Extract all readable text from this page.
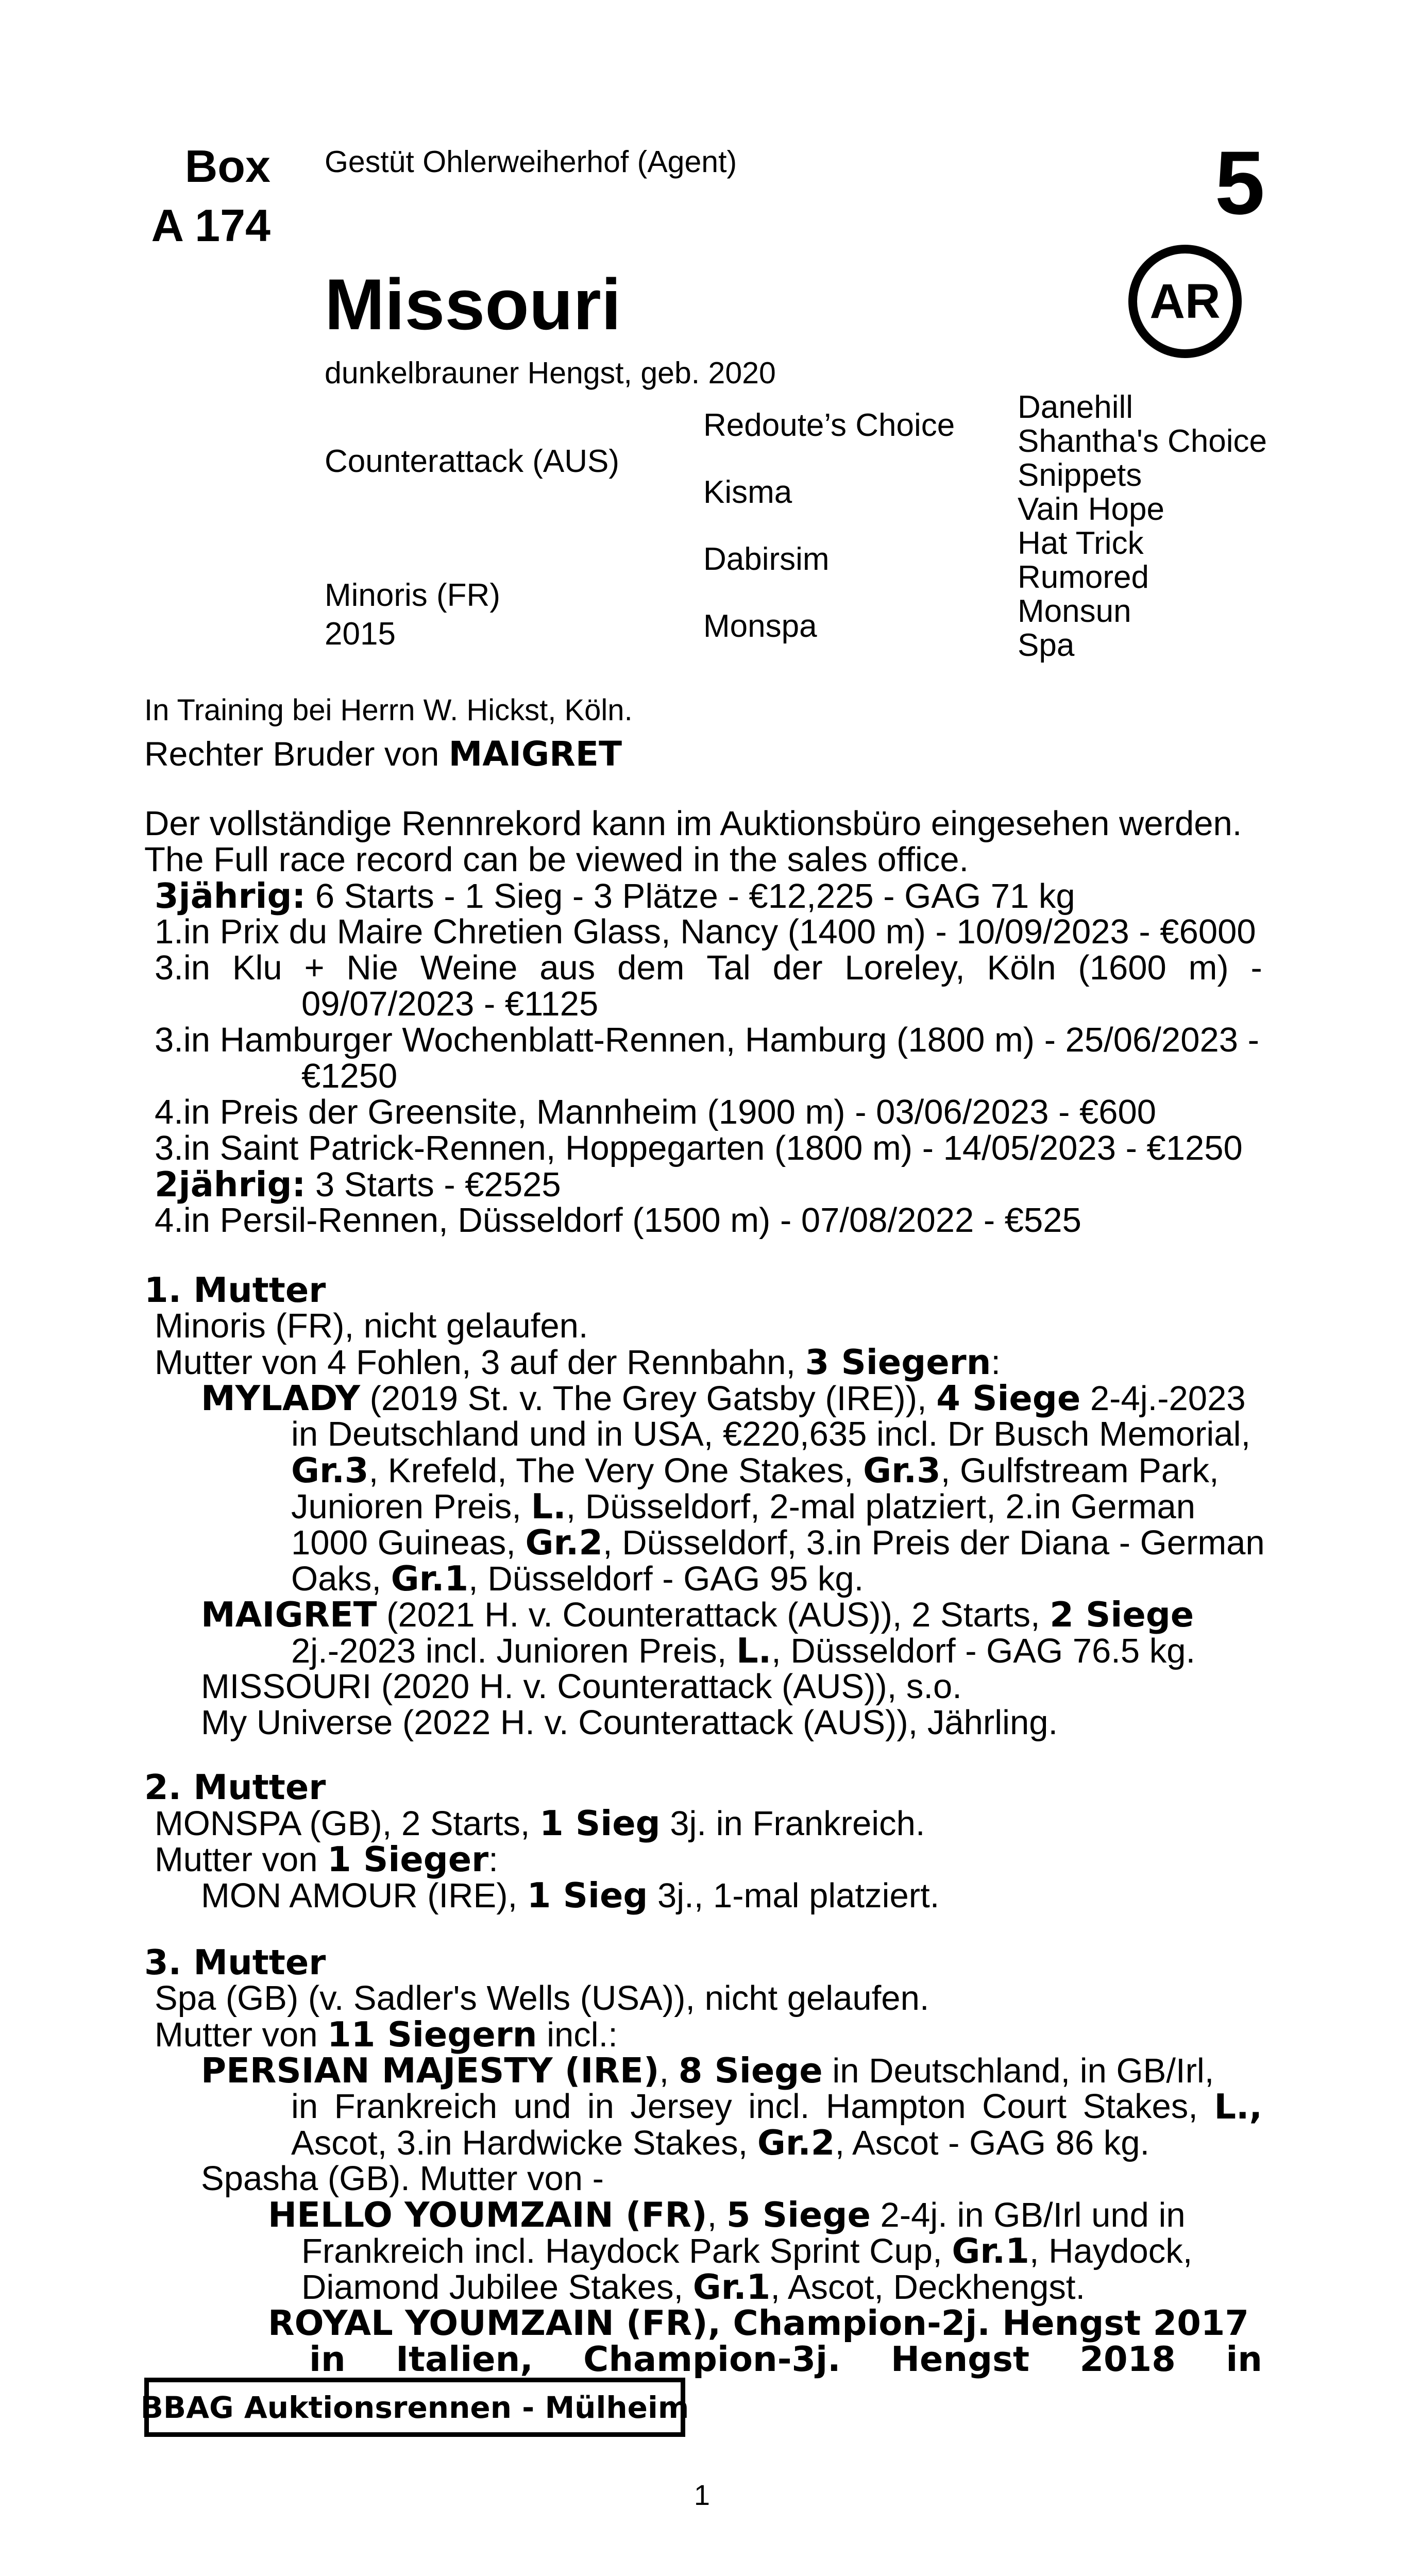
Box
A 174
Gestüt Ohlerweiherhof (Agent)	5
Missouri	AR
dunkelbrauner Hengst, geb. 2020
Counterattack (AUS)
Minoris (FR)
2015
Redoute’s Choice
Kisma
Dabirsim
Monspa
Danehill
Shantha's Choice
Snippets
Vain Hope
Hat Trick
Rumored
Monsun
Spa
In Training bei Herrn W. Hickst, Köln.
Rechter Bruder von MAIGRET
Der vollständige Rennrekord kann im Auktionsbüro eingesehen werden.
The Full race record can be viewed in the sales office.
3jährig: 6 Starts - 1 Sieg - 3 Plätze - €12,225 - GAG 71 kg
1.in Prix du Maire Chretien Glass, Nancy (1400 m) - 10/09/2023 - €6000
3.in Klu + Nie Weine aus dem Tal der Loreley, Köln (1600 m) -
09/07/2023 - €1125
3.in Hamburger Wochenblatt-Rennen, Hamburg (1800 m) - 25/06/2023 -
€1250
4.in Preis der Greensite, Mannheim (1900 m) - 03/06/2023 - €600
3.in Saint Patrick-Rennen, Hoppegarten (1800 m) - 14/05/2023 - €1250
2jährig: 3 Starts - €2525
4.in Persil-Rennen, Düsseldorf (1500 m) - 07/08/2022 - €525
1. Mutter
Minoris (FR), nicht gelaufen.
Mutter von 4 Fohlen, 3 auf der Rennbahn, 3 Siegern:
MYLADY (2019 St. v. The Grey Gatsby (IRE)), 4 Siege 2-4j.-2023
in Deutschland und in USA, €220,635 incl. Dr Busch Memorial,
Gr.3, Krefeld, The Very One Stakes, Gr.3, Gulfstream Park,
Junioren Preis, L., Düsseldorf, 2-mal platziert, 2.in German
1000 Guineas, Gr.2, Düsseldorf, 3.in Preis der Diana - German
Oaks, Gr.1, Düsseldorf - GAG 95 kg.
MAIGRET (2021 H. v. Counterattack (AUS)), 2 Starts, 2 Siege
2j.-2023 incl. Junioren Preis, L., Düsseldorf - GAG 76.5 kg.
MISSOURI (2020 H. v. Counterattack (AUS)), s.o.
My Universe (2022 H. v. Counterattack (AUS)), Jährling.
2. Mutter
MONSPA (GB), 2 Starts, 1 Sieg 3j. in Frankreich.
Mutter von 1 Sieger:
MON AMOUR (IRE), 1 Sieg 3j., 1-mal platziert.
3. Mutter
Spa (GB) (v. Sadler's Wells (USA)), nicht gelaufen.
Mutter von 11 Siegern incl.:
PERSIAN MAJESTY (IRE), 8 Siege in Deutschland, in GB/Irl,
in Frankreich und in Jersey incl. Hampton Court Stakes, L.,
Ascot, 3.in Hardwicke Stakes, Gr.2, Ascot - GAG 86 kg.
Spasha (GB). Mutter von -
HELLO YOUMZAIN (FR), 5 Siege 2-4j. in GB/Irl und in
Frankreich incl. Haydock Park Sprint Cup, Gr.1, Haydock,
Diamond Jubilee Stakes, Gr.1, Ascot, Deckhengst.
ROYAL YOUMZAIN (FR), Champion-2j. Hengst 2017
in Italien, Champion-3j. Hengst 2018 in
BBAG Auktionsrennen - Mülheim
1
